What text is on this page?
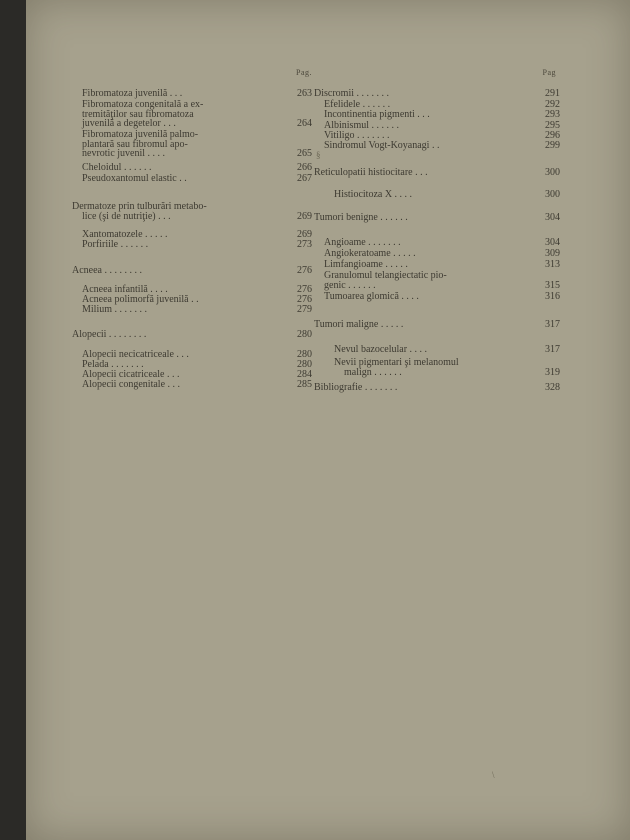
Pag.
Fibromatoza juvenilă . . .	263
Fibromatoza congenitală a ex-
tremităţilor sau fibromatoza
juvenilă a degetelor . . .	264
Fibromatoza juvenilă palmo-
plantară sau fibromul apo-
nevrotic juvenil . . . .	265
Cheloidul . . . . . .	266
Pseudoxantomul elastic . .	267
Dermatoze prin tulburări metabo-
lice (şi de nutriţie) . . .	269
Xantomatozele . . . . .	269
Porfiriile . . . . . .	273
Acneea . . . . . . . .	276
Acneea infantilă . . . .	276
Acneea polimorfă juvenilă . .	276
Milium . . . . . . .	279
Alopecii . . . . . . . .	280
Alopecii necicatriceale . . .	280
Pelada . . . . . . .	280
Alopecii cicatriceale . . .	284
Alopecii congenitale . . .	285
Pag
Discromii . . . . . . .	291
Efelidele . . . . . .	292
Incontinentia pigmenti . . .	293
Albinismul . . . . . .	295
Vitiligo . . . . . . .	296
Sindromul Vogt-Koyanagi . .	299
Reticulopatii histiocitare . . .	300
Histiocitoza X . . . .	300
Tumori benigne . . . . . .	304
Angioame . . . . . . .	304
Angiokeratoame . . . . .	309
Limfangioame . . . . .	313
Granulomul telangiectatic pio-
genic . . . . . .	315
Tumoarea glomică . . . .	316
Tumori maligne . . . . .	317
Nevul bazocelular . . . .	317
Nevii pigmentari şi melanomul
malign . . . . . .	319
Bibliografie . . . . . . .	328
§
\
